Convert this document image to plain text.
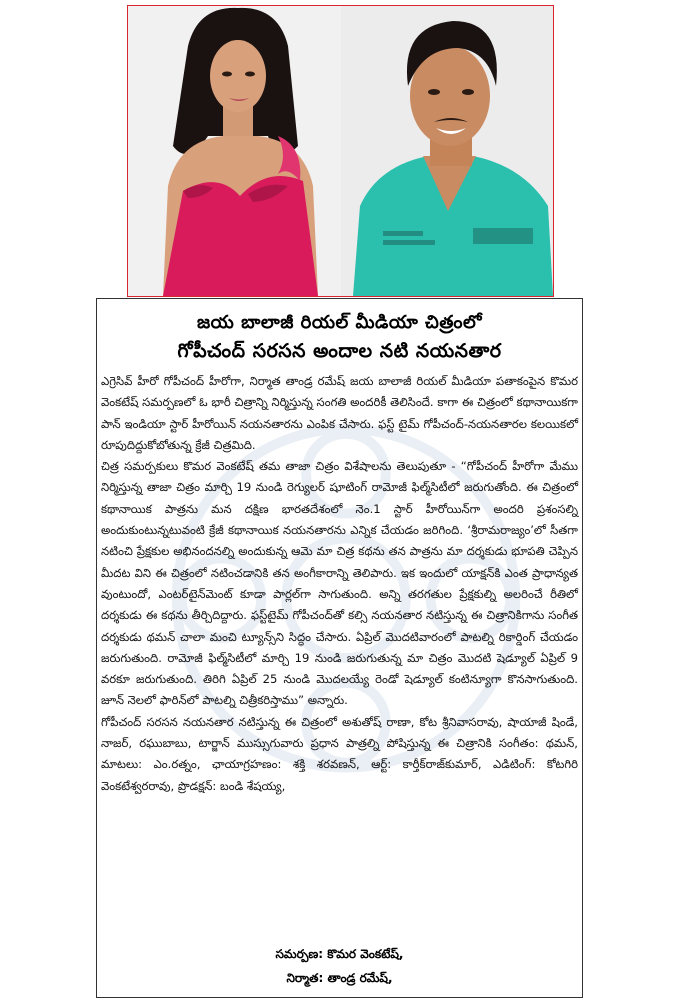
జయ బాలాజీ రియల్ మీడియా చిత్రంలో
గోపీచంద్ సరసన అందాల నటి నయనతార

ఎగ్రెసివ్ హీరో గోపీచంద్ హీరోగా, నిర్మాత తాండ్ర రమేష్ జయ బాలాజీ రియల్ మీడియా పతాకంపైన కొమర వెంకటేష్ సమర్పణలో ఓ భారీ చిత్రాన్ని నిర్మిస్తున్న సంగతి అందరికీ తెలిసిందే. కాగా ఈ చిత్రంలో కథానాయికగా పాన్ ఇండియా స్టార్ హీరోయిన్ నయనతారను ఎంపిక చేసారు. ఫస్ట్ టైమ్ గోపీచంద్-నయనతారల కలయికలో రూపుదిద్దుకోబోతున్న క్రేజీ చిత్రమిది.

చిత్ర సమర్పకులు కొమర వెంకటేష్ తమ తాజా చిత్రం విశేషాలను తెలుపుతూ - “గోపీచంద్ హీరోగా మేము నిర్మిస్తున్న తాజా చిత్రం మార్చి 19 నుండి రెగ్యులర్ షూటింగ్ రామోజీ ఫిల్మ్‌సిటీలో జరుగుతోంది. ఈ చిత్రంలో కథానాయిక పాత్రను మన దక్షిణ భారతదేశంలో నెం.1 స్టార్ హీరోయిన్‌గా అందరి ప్రశంసల్ని అందుకుంటున్నటువంటి క్రేజీ కథానాయిక నయనతారను ఎన్నిక చేయడం జరిగింది. ‘శ్రీరామరాజ్యం’లో సీతగా నటించి ప్రేక్షకుల అభినందనల్ని అందుకున్న ఆమె మా చిత్ర కథను తన పాత్రను మా దర్శకుడు భూపతి చెప్పిన మీదట విని ఈ చిత్రంలో నటించడానికి తన అంగీకారాన్ని తెలిపారు. ఇక ఇందులో యాక్షన్‌కి ఎంత ప్రాధాన్యత వుంటుందో, ఎంటర్‌టైన్‌మెంట్ కూడా పార్లల్‌గా సాగుతుంది. అన్ని తరగతుల ప్రేక్షకుల్ని అలరించే రీతిలో దర్శకుడు ఈ కథను తీర్చిదిద్దారు. ఫస్ట్‌టైమ్ గోపీచంద్‌తో కల్సి నయనతార నటిస్తున్న ఈ చిత్రానికిగాను సంగీత దర్శకుడు థమన్ చాలా మంచి ట్యూన్స్‌ని సిద్ధం చేసారు. ఏప్రిల్ మొదటివారంలో పాటల్ని రికార్డింగ్ చేయడం జరుగుతుంది. రామోజీ ఫిల్మ్‌సిటీలో మార్చి 19 నుండి జరుగుతున్న మా చిత్రం మొదటి షెడ్యూల్ ఏప్రిల్ 9 వరకూ జరుగుతుంది. తిరిగి ఏప్రిల్ 25 నుండి మొదలయ్యే రెండో షెడ్యూల్ కంటిన్యూగా కొనసాగుతుంది. జూన్ నెలలో ఫారిన్‌లో పాటల్ని చిత్రీకరిస్తాము” అన్నారు.

గోపీచంద్ సరసన నయనతార నటిస్తున్న ఈ చిత్రంలో అశుతోష్ రాణా, కోట శ్రీనివాసరావు, షాయాజీ షిండే, నాజర్, రఘుబాబు, టార్జాన్ ముస్సుగువారు ప్రధాన పాత్రల్ని పోషిస్తున్న ఈ చిత్రానికి సంగీతం: థమన్, మాటలు: ఎం.రత్నం, ఛాయాగ్రహణం: శక్తి శరవణన్, ఆర్ట్: కార్తీక్‌రాజ్‌కుమార్, ఎడిటింగ్: కోటగిరి వెంకటేశ్వరరావు, ప్రొడక్షన్: బండి శేషయ్య,

సమర్పణ: కొమర వెంకటేష్,
నిర్మాత: తాండ్ర రమేష్,
